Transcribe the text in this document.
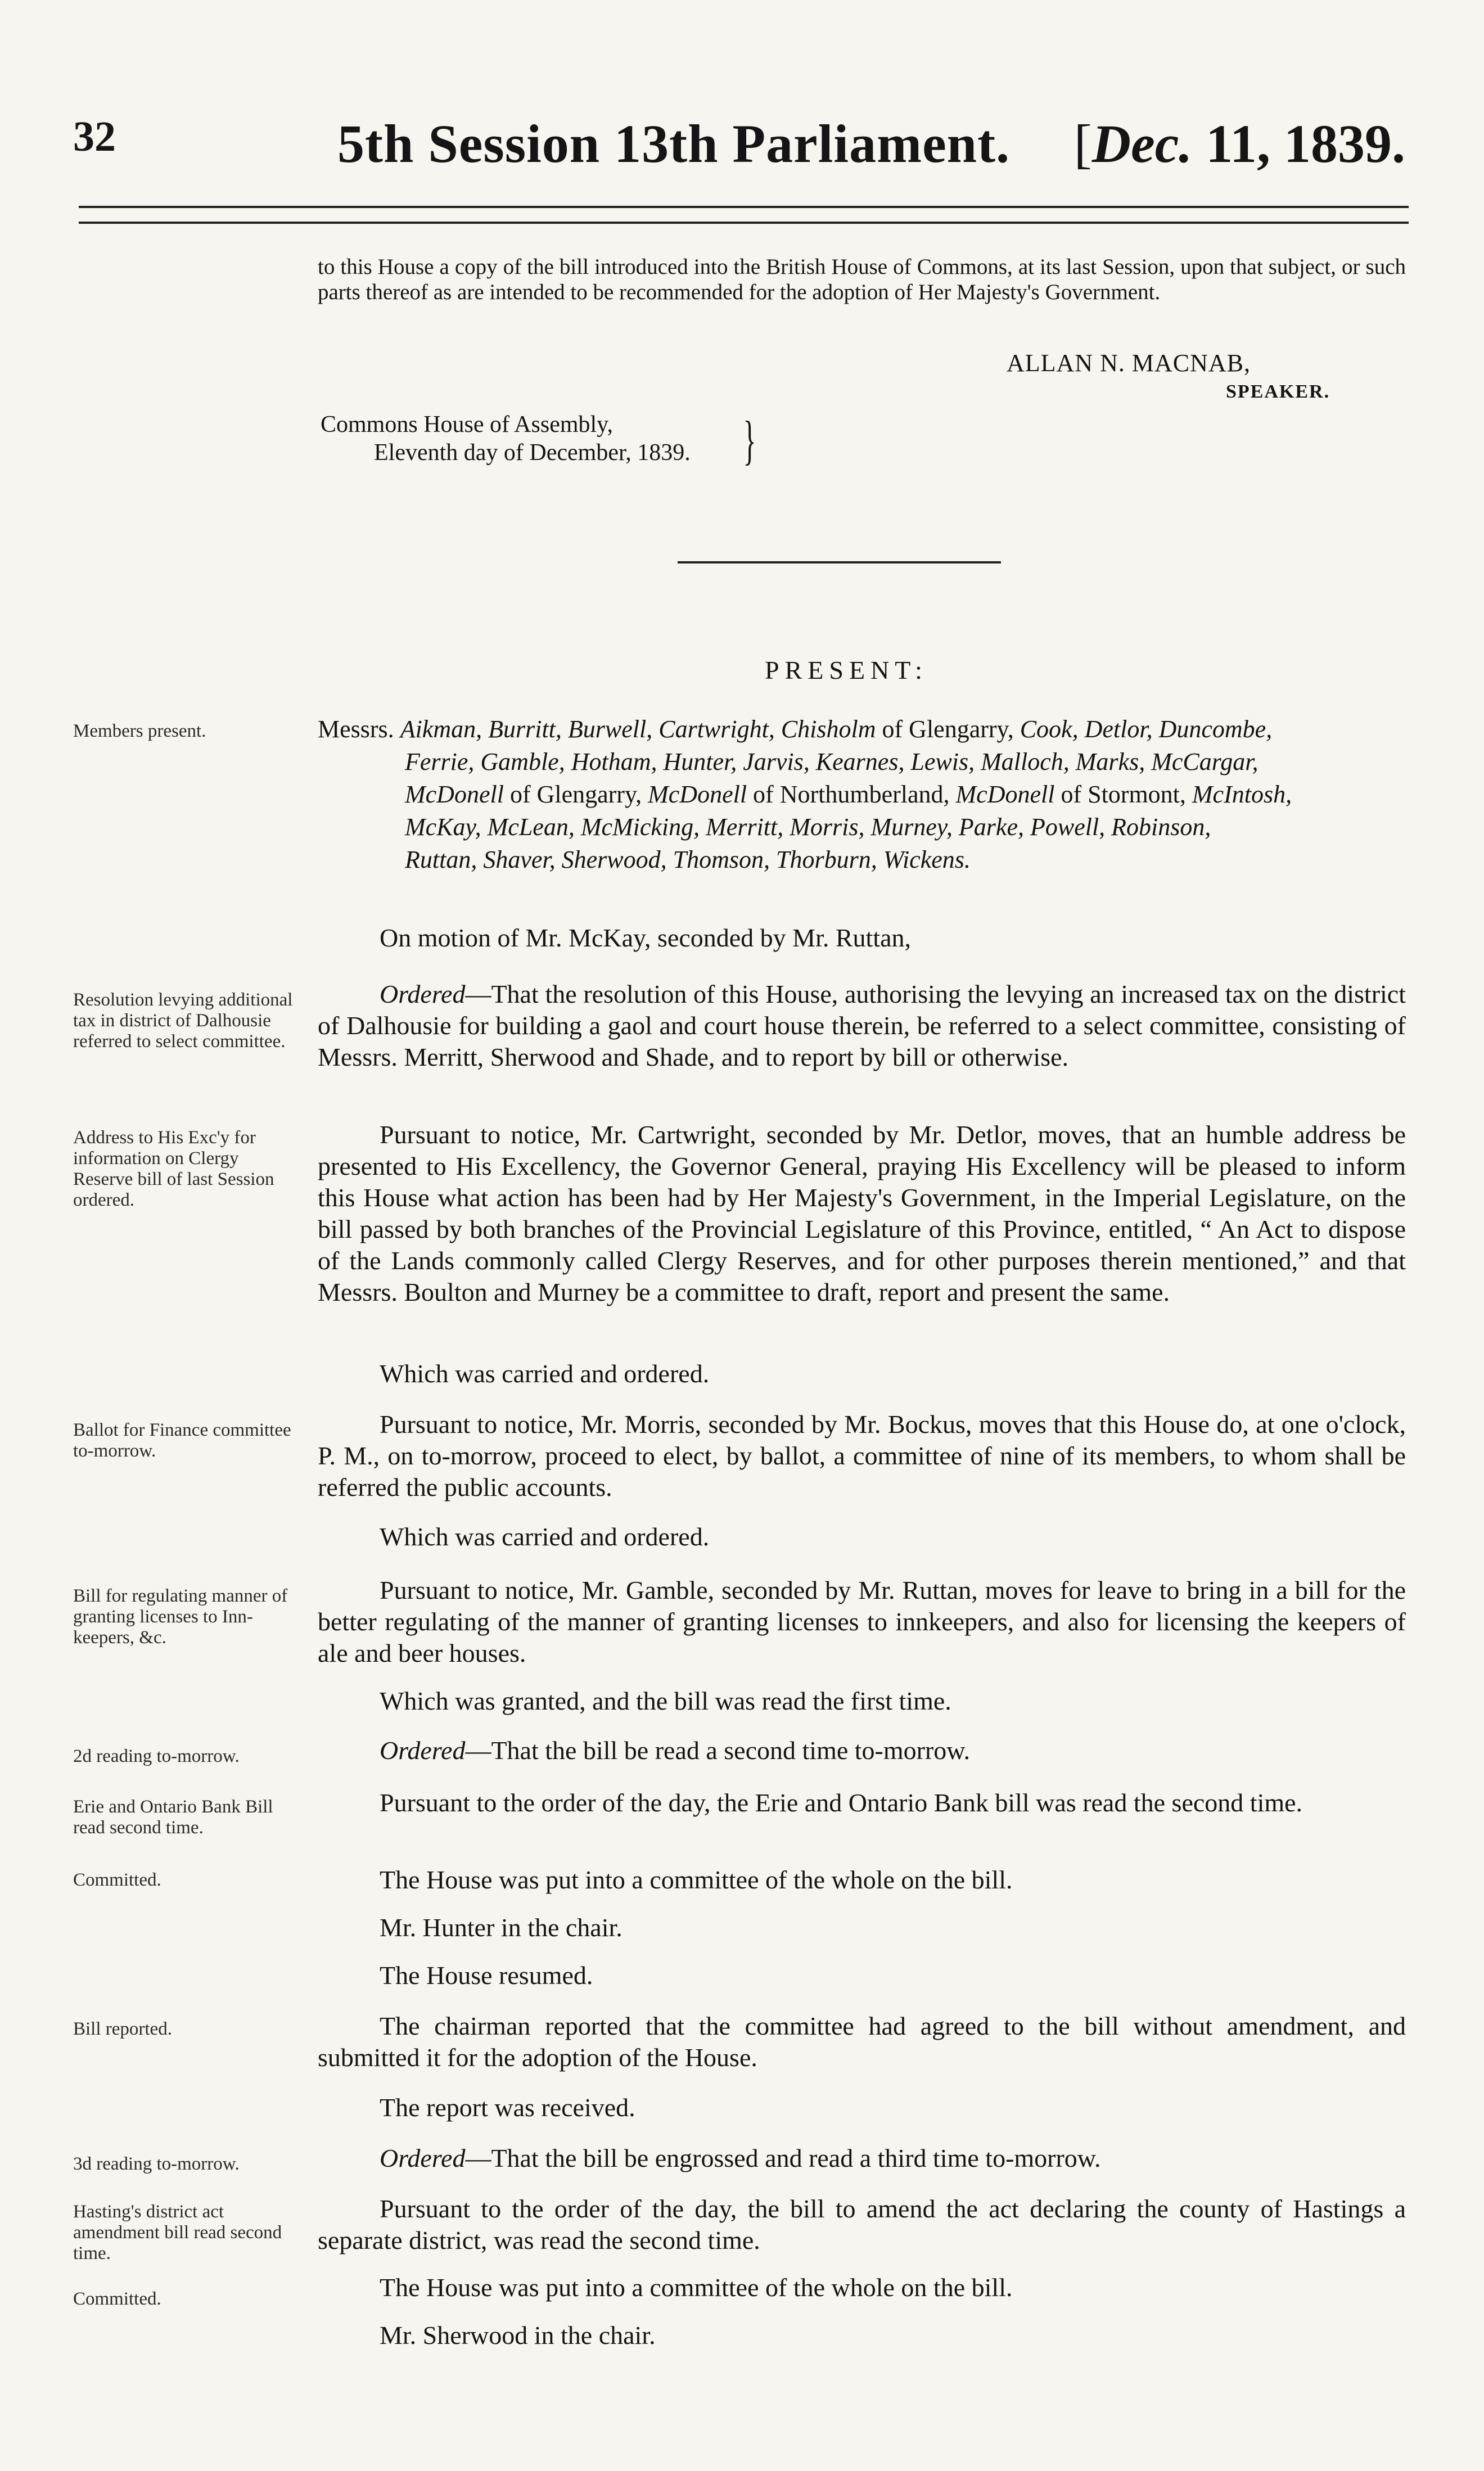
32	5th Session 13th Parliament. [Dec. 11, 1839.

to this House a copy of the bill introduced into the British House of Commons, at its last Session, upon that subject, or such parts thereof as are intended to be recommended for the adoption of Her Majesty's Government.

ALLAN N. MACNAB,
SPEAKER.
Commons House of Assembly,
Eleventh day of December, 1839. }
PRESENT:
Members present.	Messrs. Aikman, Burritt, Burwell, Cartwright, Chisholm of Glengarry, Cook, Detlor, Duncombe,

Ferrie, Gamble, Hotham, Hunter, Jarvis, Kearnes, Lewis, Malloch, Marks, McCargar,

McDonell of Glengarry, McDonell of Northumberland, McDonell of Stormont, McIntosh,

McKay, McLean, McMicking, Merritt, Morris, Murney, Parke, Powell, Robinson,

Ruttan, Shaver, Sherwood, Thomson, Thorburn, Wickens.

On motion of Mr. McKay, seconded by Mr. Ruttan,

Resolution levying additional tax in district of Dalhousie referred to select committee.

Ordered—That the resolution of this House, authorising the levying an increased tax on the district of Dalhousie for building a gaol and court house therein, be referred to a select committee, consisting of Messrs. Merritt, Sherwood and Shade, and to report by bill or otherwise.

Address to His Exc'y for information on Clergy Reserve bill of last Session ordered.

Pursuant to notice, Mr. Cartwright, seconded by Mr. Detlor, moves, that an humble address be presented to His Excellency, the Governor General, praying His Excellency will be pleased to inform this House what action has been had by Her Majesty's Government, in the Imperial Legislature, on the bill passed by both branches of the Provincial Legislature of this Province, entitled, “ An Act to dispose of the Lands commonly called Clergy Reserves, and for other purposes therein mentioned,” and that Messrs. Boulton and Murney be a committee to draft, report and present the same.

Which was carried and ordered.

Ballot for Finance committee to-morrow.

Pursuant to notice, Mr. Morris, seconded by Mr. Bockus, moves that this House do, at one o'clock, P. M., on to-morrow, proceed to elect, by ballot, a committee of nine of its members, to whom shall be referred the public accounts.

Which was carried and ordered.

Bill for regulating manner of granting licenses to Inn-keepers, &c.

Pursuant to notice, Mr. Gamble, seconded by Mr. Ruttan, moves for leave to bring in a bill for the better regulating of the manner of granting licenses to innkeepers, and also for licensing the keepers of ale and beer houses.

Which was granted, and the bill was read the first time.

2d reading to-morrow.	Ordered—That the bill be read a second time to-morrow.

Erie and Ontario Bank Bill read second time.

Pursuant to the order of the day, the Erie and Ontario Bank bill was read the second time.

Committed.	The House was put into a committee of the whole on the bill.

Mr. Hunter in the chair.

The House resumed.

Bill reported.	The chairman reported that the committee had agreed to the bill without amendment, and submitted it for the adoption of the House.

The report was received.

3d reading to-morrow.	Ordered—That the bill be engrossed and read a third time to-morrow.

Hasting's district act amendment bill read second time.

Pursuant to the order of the day, the bill to amend the act declaring the county of Hastings a separate district, was read the second time.

Committed.	The House was put into a committee of the whole on the bill.

Mr. Sherwood in the chair.
